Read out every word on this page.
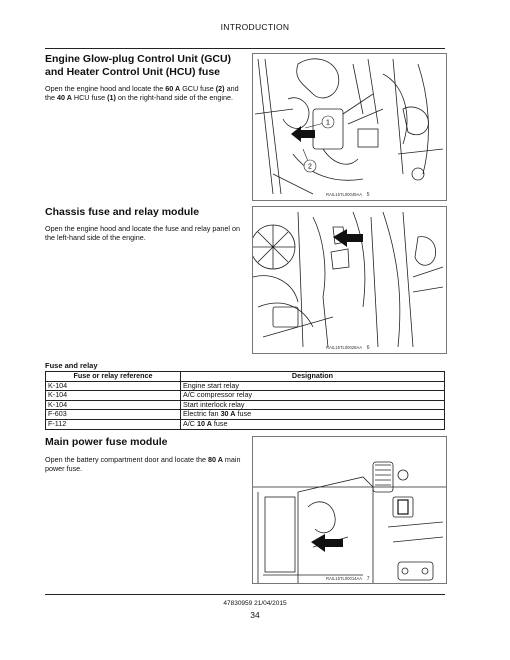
INTRODUCTION
Engine Glow-plug Control Unit (GCU) and Heater Control Unit (HCU) fuse
Open the engine hood and locate the 60 A GCU fuse (2) and the 40 A HCU fuse (1) on the right-hand side of the engine.
1
2
RAIL15TL00049AA 5
Chassis fuse and relay module
Open the engine hood and locate the fuse and relay panel on the left-hand side of the engine.
RAIL15TL00028AA 6
Fuse and relay
Fuse or relay reference	Designation
K-104	Engine start relay
K-104	A/C compressor relay
K-104	Start interlock relay
F-603	Electric fan 30 A fuse
F-112	A/C 10 A fuse
Main power fuse module
Open the battery compartment door and locate the 80 A main power fuse.
RAIL15TL00014AA 7
47830959 21/04/2015
34
